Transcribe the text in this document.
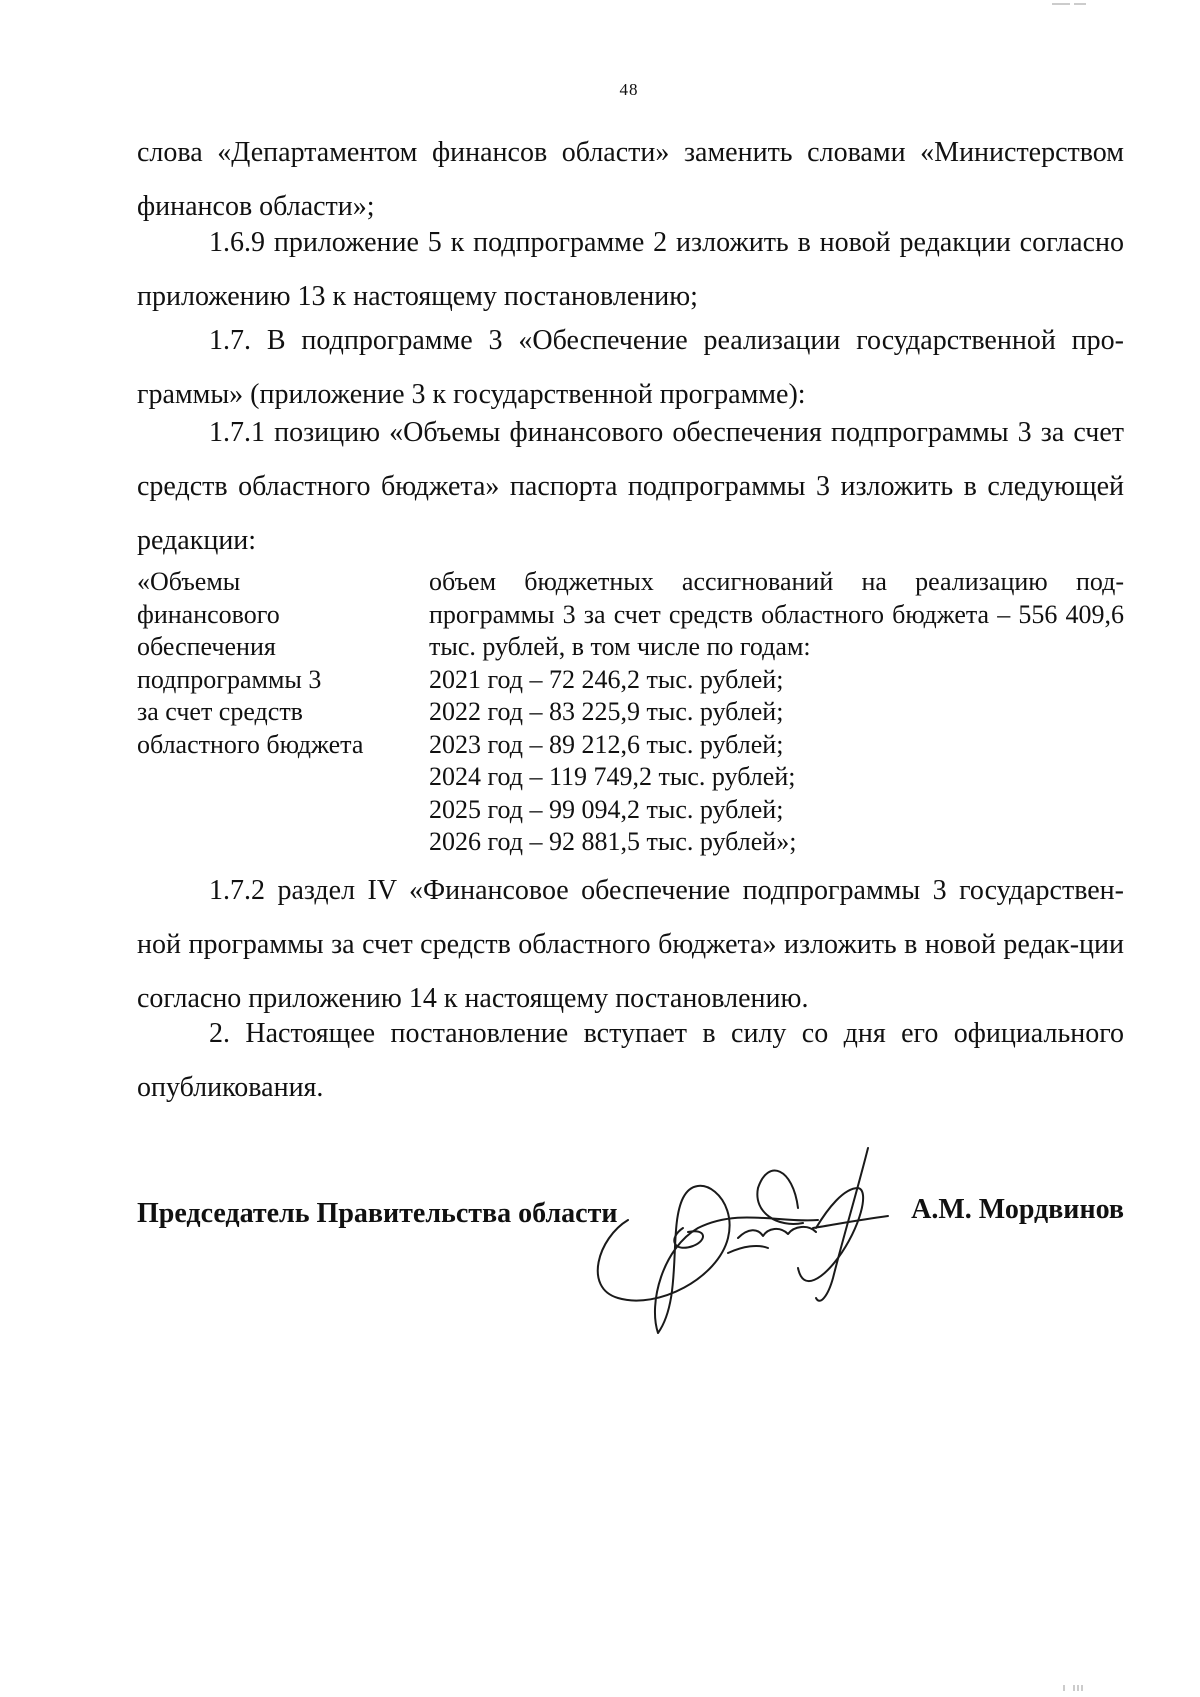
48

слова «Департаментом финансов области» заменить словами «Министерством финансов области»;

1.6.9 приложение 5 к подпрограмме 2 изложить в новой редакции согласно приложению 13 к настоящему постановлению;

1.7. В подпрограмме 3 «Обеспечение реализации государственной про-граммы» (приложение 3 к государственной программе):

1.7.1 позицию «Объемы финансового обеспечения подпрограммы 3 за счет средств областного бюджета» паспорта подпрограммы 3 изложить в следующей редакции:

«Объемы
финансового
обеспечения
подпрограммы 3
за счет средств
областного бюджета

объем бюджетных ассигнований на реализацию под-программы 3 за счет средств областного бюджета – 556 409,6 тыс. рублей, в том числе по годам:
2021 год – 72 246,2 тыс. рублей;
2022 год – 83 225,9 тыс. рублей;
2023 год – 89 212,6 тыс. рублей;
2024 год – 119 749,2 тыс. рублей;
2025 год – 99 094,2 тыс. рублей;
2026 год – 92 881,5 тыс. рублей»;

1.7.2 раздел IV «Финансовое обеспечение подпрограммы 3 государствен-ной программы за счет средств областного бюджета» изложить в новой редак-ции согласно приложению 14 к настоящему постановлению.

2. Настоящее постановление вступает в силу со дня его официального опубликования.

Председатель Правительства области	А.М. Мордвинов
